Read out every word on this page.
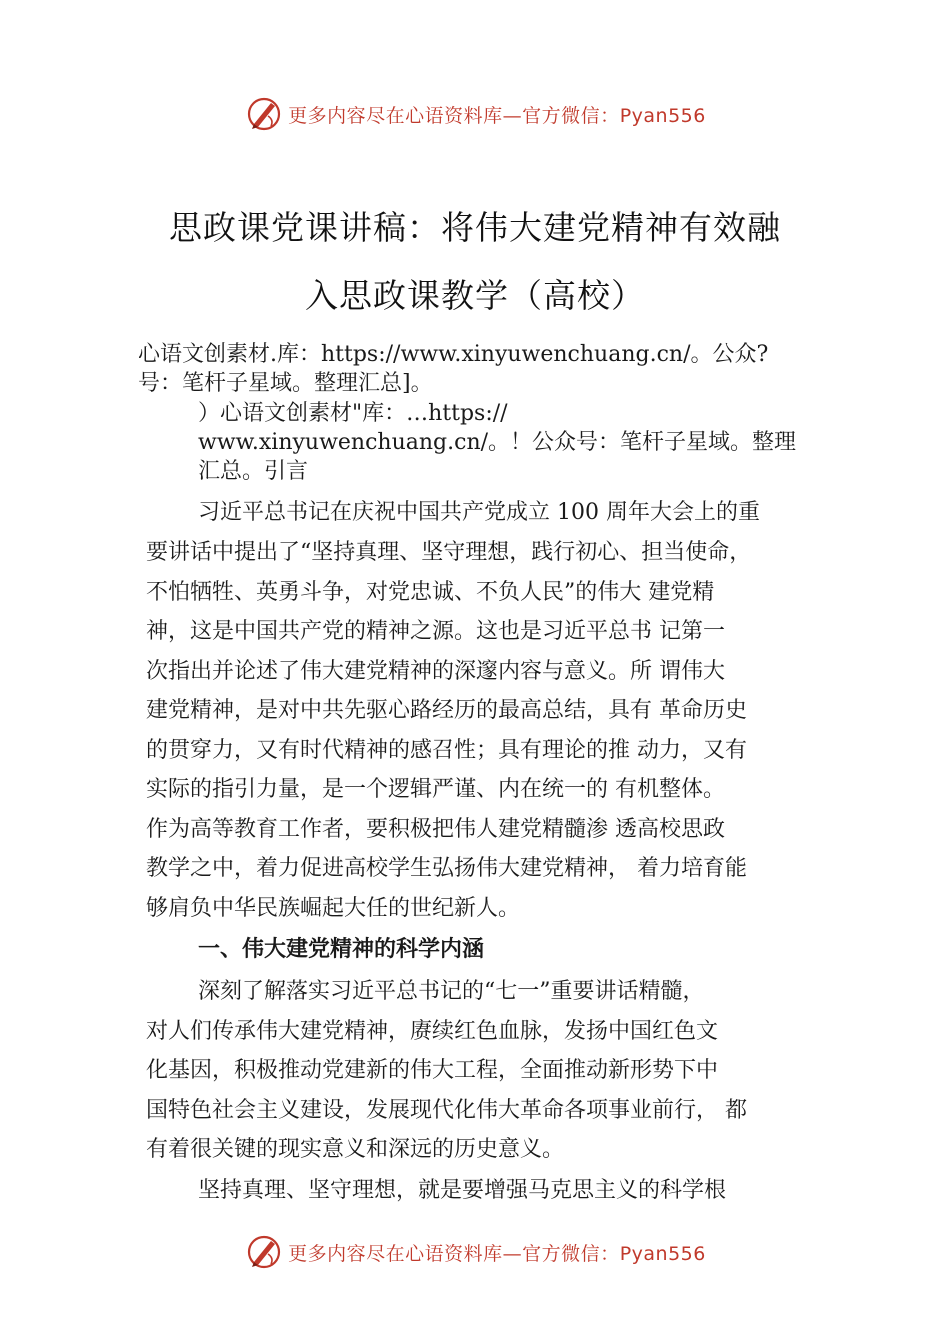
更多内容尽在心语资料库—官方微信：Pyan556
思政课党课讲稿：将伟大建党精神有效融
入思政课教学（高校）
心语文创素材.库：https://www.xinyuwenchuang.cn/。公众?
号：笔杆子星域。整理汇总]。
）心语文创素材"库：…https://
www.xinyuwenchuang.cn/。！公众号：笔杆子星域。整理
汇总。引言
习近平总书记在庆祝中国共产党成立 100 周年大会上的重
要讲话中提出了“坚持真理、坚守理想，践行初心、担当使命，
不怕牺牲、英勇斗争，对党忠诚、不负人民”的伟大 建党精
神，这是中国共产党的精神之源。这也是习近平总书 记第一
次指出并论述了伟大建党精神的深邃内容与意义。所 谓伟大
建党精神，是对中共先驱心路经历的最高总结，具有 革命历史
的贯穿力，又有时代精神的感召性；具有理论的推 动力，又有
实际的指引力量，是一个逻辑严谨、内在统一的 有机整体。
作为高等教育工作者，要积极把伟人建党精髓渗 透高校思政
教学之中，着力促进高校学生弘扬伟大建党精神， 着力培育能
够肩负中华民族崛起大任的世纪新人。
一、伟大建党精神的科学内涵
深刻了解落实习近平总书记的“七一”重要讲话精髓，
对人们传承伟大建党精神，赓续红色血脉，发扬中国红色文
化基因，积极推动党建新的伟大工程，全面推动新形势下中
国特色社会主义建设，发展现代化伟大革命各项事业前行， 都
有着很关键的现实意义和深远的历史意义。
坚持真理、坚守理想，就是要增强马克思主义的科学根
更多内容尽在心语资料库—官方微信：Pyan556
